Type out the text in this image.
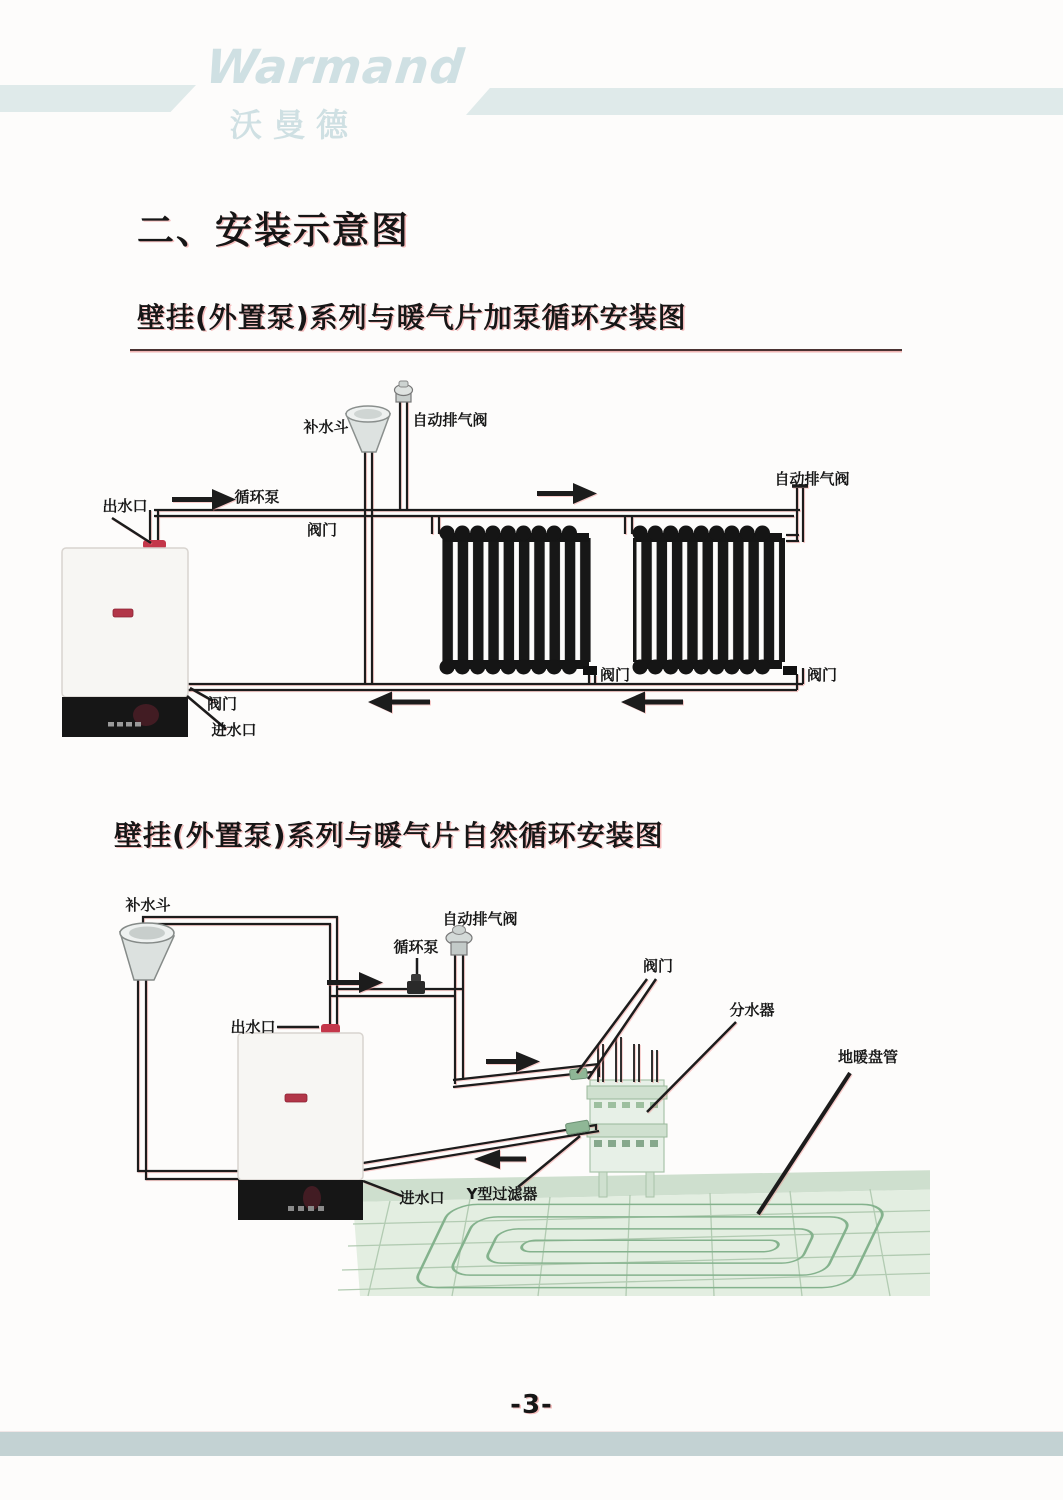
Warmand
沃曼德
二、安装示意图
壁挂(外置泵)系列与暖气片加泵循环安装图
壁挂(外置泵)系列与暖气片自然循环安装图
出水口	循环泵
阀门
补水斗	自动排气阀
自动排气阀
阀门	阀门
阀门
进水口
补水斗
循环泵
自动排气阀
阀门
分水器
地暖盘管
出水口
进水口 Y型过滤器
-3-
